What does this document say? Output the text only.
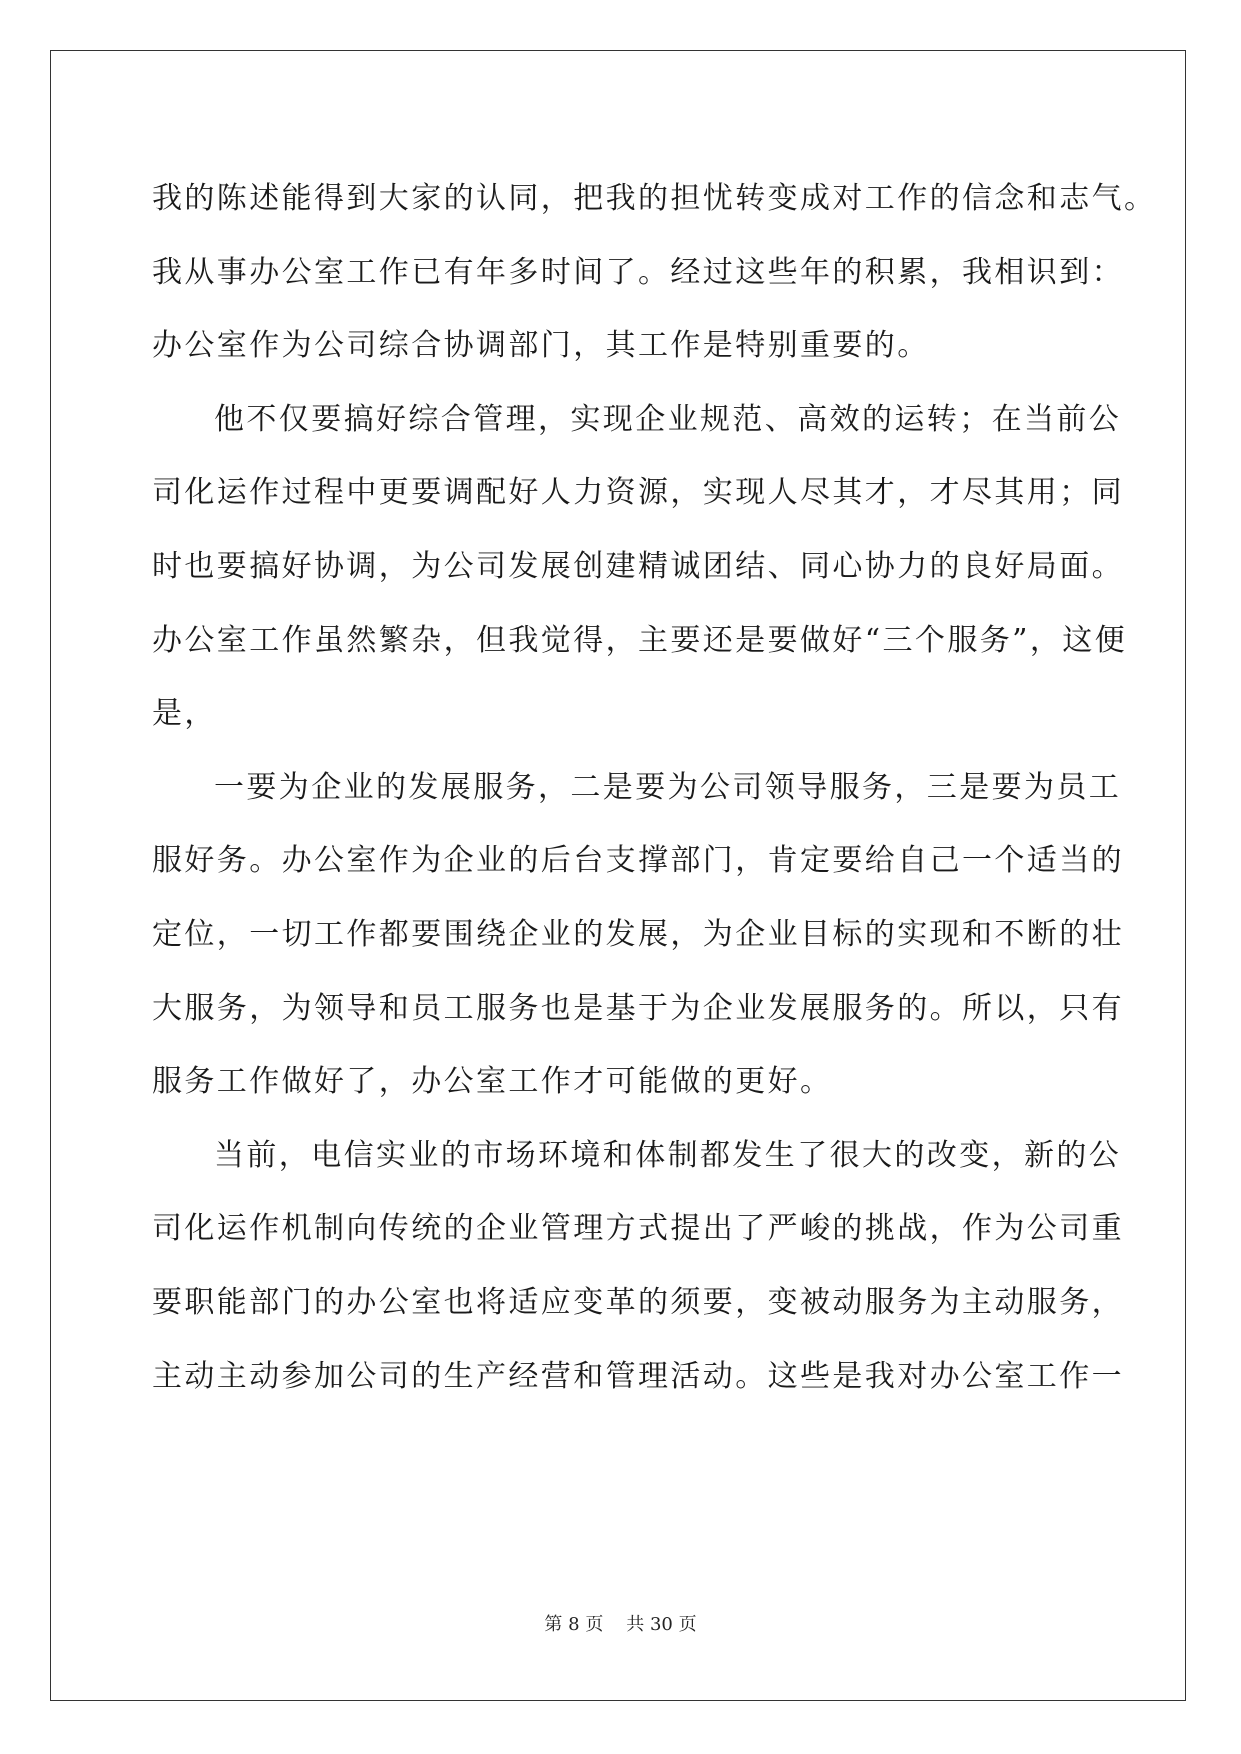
我的陈述能得到大家的认同，把我的担忧转变成对工作的信念和志气。
我从事办公室工作已有年多时间了。经过这些年的积累，我相识到：
办公室作为公司综合协调部门，其工作是特别重要的。
他不仅要搞好综合管理，实现企业规范、高效的运转；在当前公
司化运作过程中更要调配好人力资源，实现人尽其才，才尽其用；同
时也要搞好协调，为公司发展创建精诚团结、同心协力的良好局面。
办公室工作虽然繁杂，但我觉得，主要还是要做好“三个服务”，这便
是，
一要为企业的发展服务，二是要为公司领导服务，三是要为员工
服好务。办公室作为企业的后台支撑部门，肯定要给自己一个适当的
定位，一切工作都要围绕企业的发展，为企业目标的实现和不断的壮
大服务，为领导和员工服务也是基于为企业发展服务的。所以，只有
服务工作做好了，办公室工作才可能做的更好。
当前，电信实业的市场环境和体制都发生了很大的改变，新的公
司化运作机制向传统的企业管理方式提出了严峻的挑战，作为公司重
要职能部门的办公室也将适应变革的须要，变被动服务为主动服务，
主动主动参加公司的生产经营和管理活动。这些是我对办公室工作一
第 8 页 共 30 页
